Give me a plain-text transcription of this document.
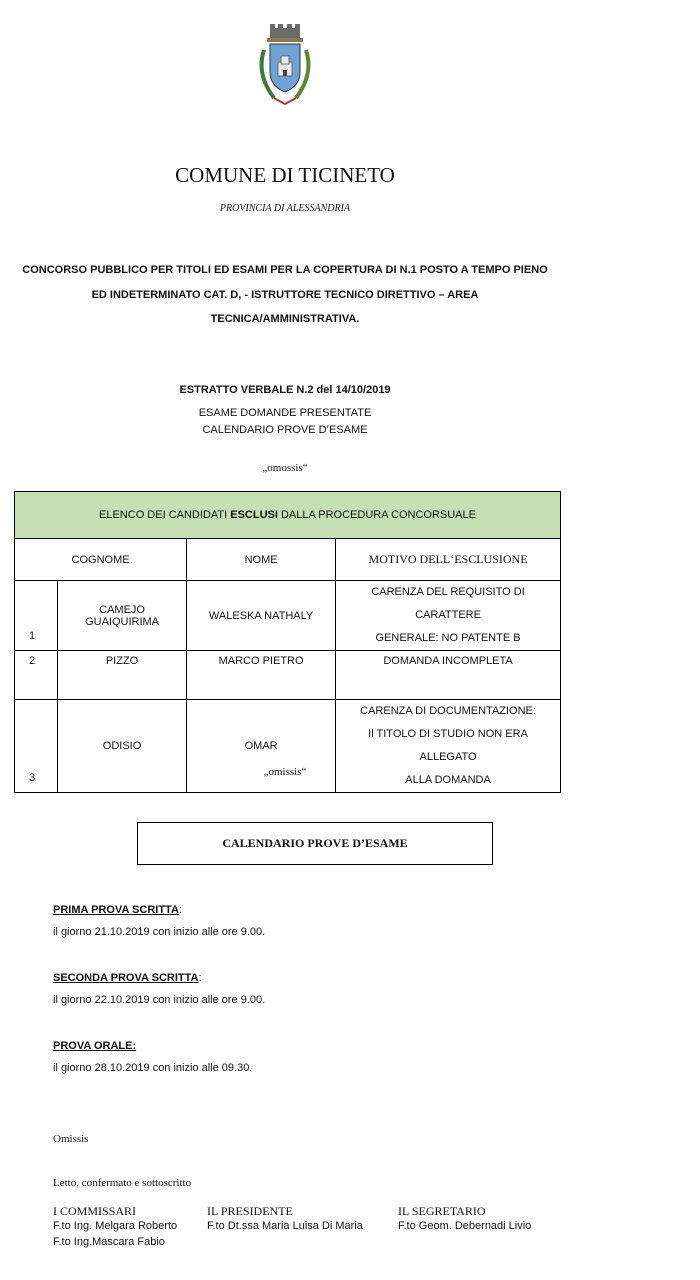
COMUNE DI TICINETO
PROVINCIA DI ALESSANDRIA
CONCORSO PUBBLICO PER TITOLI ED ESAMI PER LA COPERTURA DI N.1 POSTO A TEMPO PIENO
ED INDETERMINATO CAT. D, - ISTRUTTORE TECNICO DIRETTIVO – AREA
TECNICA/AMMINISTRATIVA.
ESTRATTO VERBALE N.2 del 14/10/2019
ESAME DOMANDE PRESENTATE
CALENDARIO PROVE D’ESAME
„omossis“
ELENCO DEI CANDIDATI ESCLUSI DALLA PROCEDURA CONCORSUALE			
COGNOME		NOME	MOTIVO DELL‘ESCLUSIONE
1	CAMEJO GUAIQUIRIMA	WALESKA NATHALY	CARENZA DEL REQUISITO DI CARATTERE
GENERALE: NO PATENTE B

2	PIZZO	MARCO PIETRO	DOMANDA INCOMPLETA
3	ODISIO	OMAR	CARENZA DI DOCUMENTAZIONE:
Il TITOLO DI STUDIO NON ERA ALLEGATO
ALLA DOMANDA
„omissis“
CALENDARIO PROVE D’ESAME
PRIMA PROVA SCRITTA:
il giorno 21.10.2019 con inizio alle ore 9.00.
SECONDA PROVA SCRITTA:
il giorno 22.10.2019 con inizio alle ore 9.00.
PROVA ORALE:
il giorno 28.10.2019 con inizio alle 09.30.
Omissis
Letto, confermato e sottoscritto
I COMMISSARI
F.to Ing. Melgara Roberto
F.to Ing.Mascara Fabio
IL PRESIDENTE
F.to Dt.ssa Maria Luisa Di Maria
IL SEGRETARIO
F.to Geom. Debernadi Livio
